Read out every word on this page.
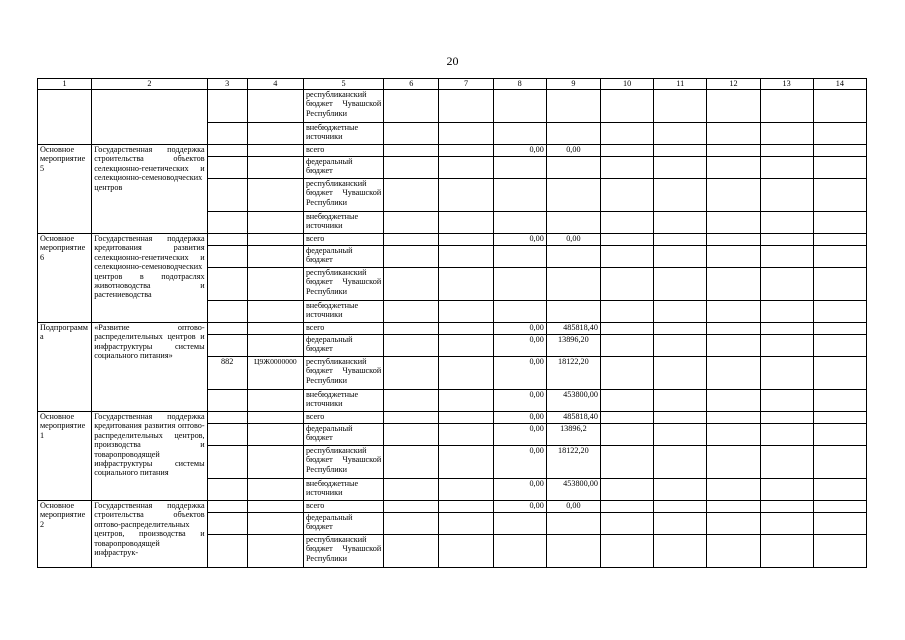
20
1	2	3	4	5	6	7	8	9	10	11	12	13	14
				республиканский бюджет Чувашской Республики									
				внебюджетные источники									
Основное мероприятие 5	Государственная поддержка строительства объектов селекционно-генетических и селекционно-семеноводческих центров			всего			0,00	0,00					
				федеральный бюджет									
				республиканский бюджет Чувашской Республики									
				внебюджетные источники									
Основное мероприятие 6	Государственная поддержка кредитования развития селекционно-генетических и селекционно-семеноводческих центров в подотраслях животноводства и растениеводства			всего			0,00	0,00					
				федеральный бюджет									
				республиканский бюджет Чувашской Республики									
				внебюджетные источники									
Подпрограмма	«Развитие оптово-распределительных центров и инфраструктуры системы социального питания»			всего			0,00	485818,40					
				федеральный бюджет			0,00	13896,20					
		882	Ц9Ж0000000	республиканский бюджет Чувашской Республики			0,00	18122,20					
				внебюджетные источники			0,00	453800,00					
Основное мероприятие 1	Государственная поддержка кредитования развития оптово-распределительных центров, производства и товаропроводящей инфраструктуры системы социального питания			всего			0,00	485818,40					
				федеральный бюджет			0,00	13896,2					
				республиканский бюджет Чувашской Республики			0,00	18122,20					
				внебюджетные источники			0,00	453800,00					
Основное мероприятие 2	Государственная поддержка строительства объектов оптово-распределительных центров, производства и товаропроводящей инфраструк-			всего			0,00	0,00					
				федеральный бюджет									
				республиканский бюджет Чувашской Республики									
